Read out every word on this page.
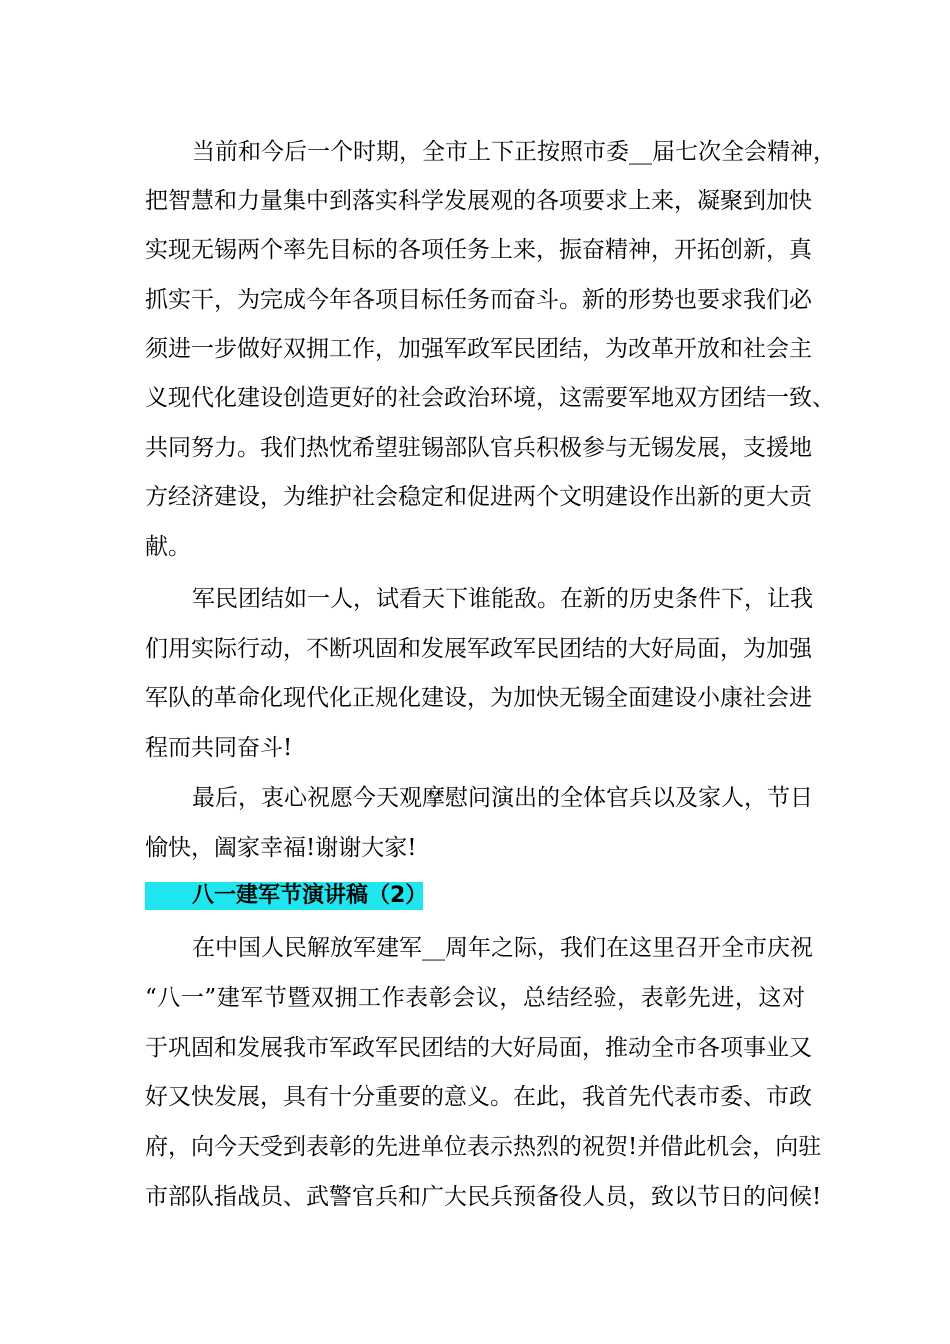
当前和今后一个时期，全市上下正按照市委__届七次全会精神，
把智慧和力量集中到落实科学发展观的各项要求上来，凝聚到加快
实现无锡两个率先目标的各项任务上来，振奋精神，开拓创新，真
抓实干，为完成今年各项目标任务而奋斗。新的形势也要求我们必
须进一步做好双拥工作，加强军政军民团结，为改革开放和社会主
义现代化建设创造更好的社会政治环境，这需要军地双方团结一致、
共同努力。我们热忱希望驻锡部队官兵积极参与无锡发展，支援地
方经济建设，为维护社会稳定和促进两个文明建设作出新的更大贡
献。
军民团结如一人，试看天下谁能敌。在新的历史条件下，让我
们用实际行动，不断巩固和发展军政军民团结的大好局面，为加强
军队的革命化现代化正规化建设，为加快无锡全面建设小康社会进
程而共同奋斗!
最后，衷心祝愿今天观摩慰问演出的全体官兵以及家人，节日
愉快，阖家幸福!谢谢大家!
八一建军节演讲稿（2）
在中国人民解放军建军__周年之际，我们在这里召开全市庆祝
“八一”建军节暨双拥工作表彰会议，总结经验，表彰先进，这对
于巩固和发展我市军政军民团结的大好局面，推动全市各项事业又
好又快发展，具有十分重要的意义。在此，我首先代表市委、市政
府，向今天受到表彰的先进单位表示热烈的祝贺!并借此机会，向驻
市部队指战员、武警官兵和广大民兵预备役人员，致以节日的问候!
